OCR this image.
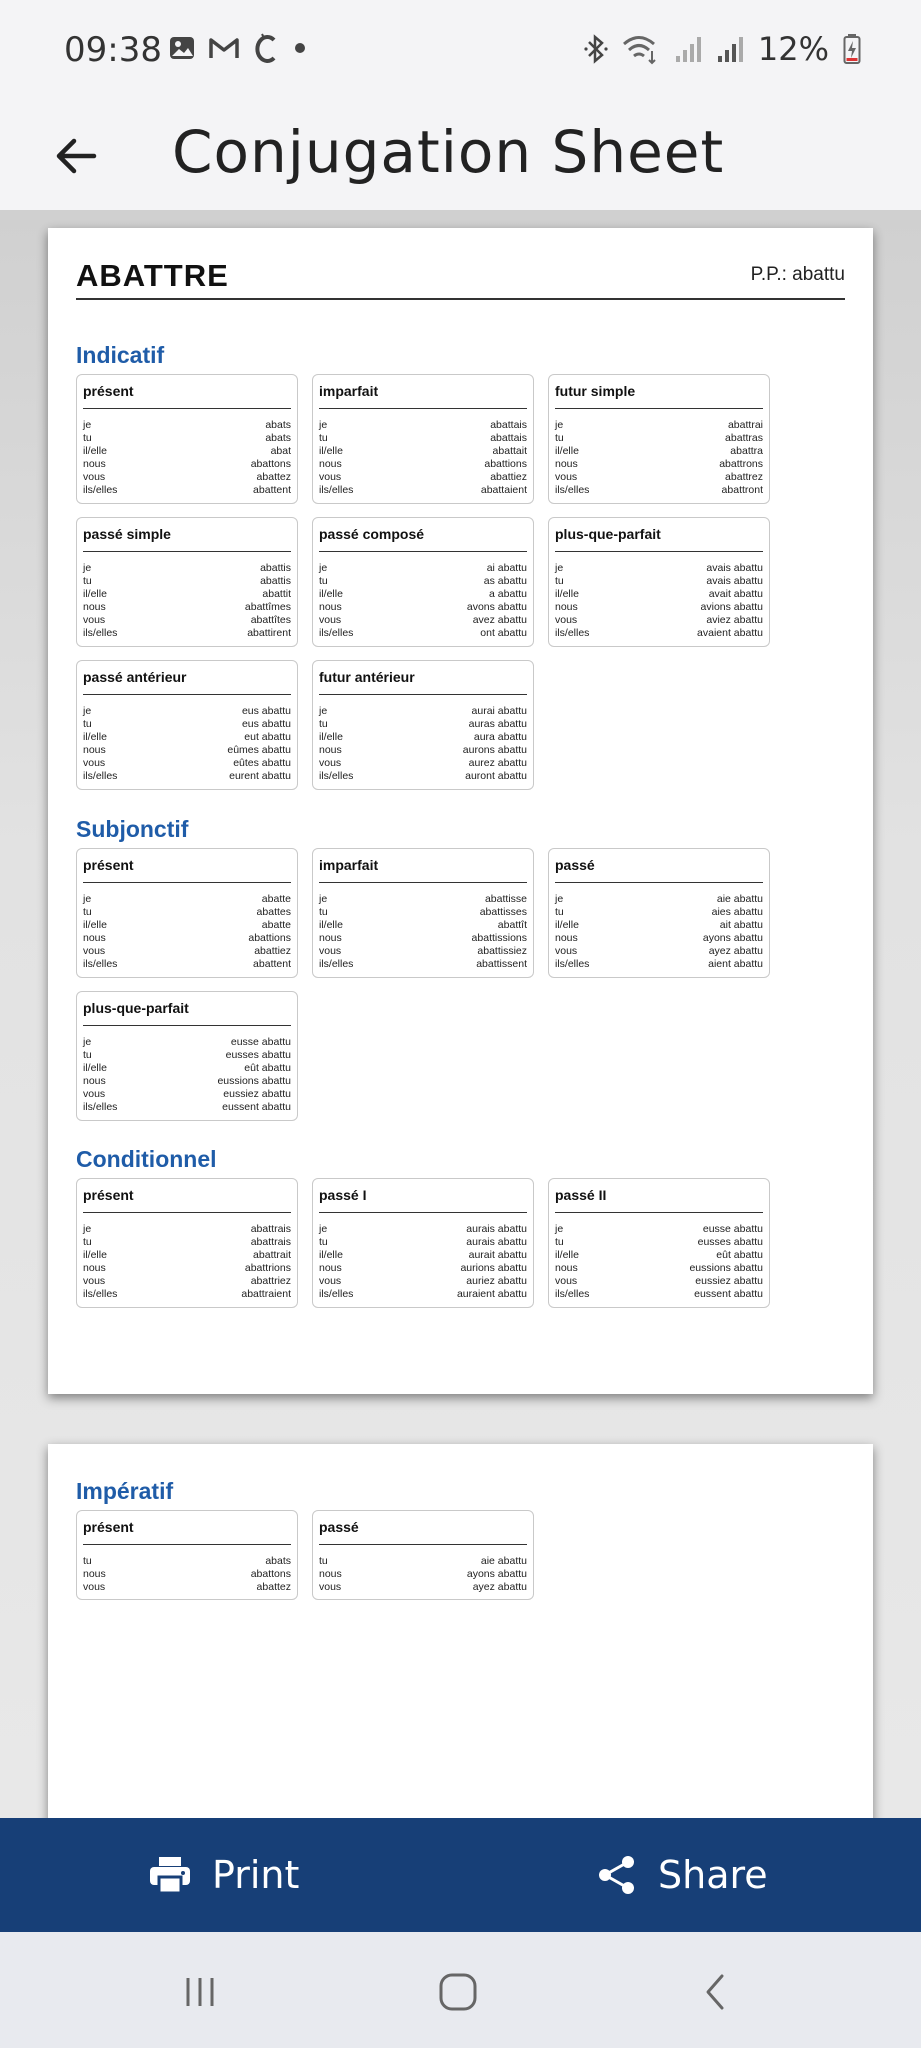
09:38	12%
Conjugation Sheet
ABATTRE	P.P.: abattu
Indicatif
présent
je	abats
tu	abats
il/elle	abat
nous	abattons
vous	abattez
ils/elles	abattent
imparfait
je	abattais
tu	abattais
il/elle	abattait
nous	abattions
vous	abattiez
ils/elles	abattaient
futur simple
je	abattrai
tu	abattras
il/elle	abattra
nous	abattrons
vous	abattrez
ils/elles	abattront
passé simple
je	abattis
tu	abattis
il/elle	abattit
nous	abattîmes
vous	abattîtes
ils/elles	abattirent
passé composé
je	ai abattu
tu	as abattu
il/elle	a abattu
nous	avons abattu
vous	avez abattu
ils/elles	ont abattu
plus-que-parfait
je	avais abattu
tu	avais abattu
il/elle	avait abattu
nous	avions abattu
vous	aviez abattu
ils/elles	avaient abattu
passé antérieur
je	eus abattu
tu	eus abattu
il/elle	eut abattu
nous	eûmes abattu
vous	eûtes abattu
ils/elles	eurent abattu
futur antérieur
je	aurai abattu
tu	auras abattu
il/elle	aura abattu
nous	aurons abattu
vous	aurez abattu
ils/elles	auront abattu
Subjonctif
présent
je	abatte
tu	abattes
il/elle	abatte
nous	abattions
vous	abattiez
ils/elles	abattent
imparfait
je	abattisse
tu	abattisses
il/elle	abattît
nous	abattissions
vous	abattissiez
ils/elles	abattissent
passé
je	aie abattu
tu	aies abattu
il/elle	ait abattu
nous	ayons abattu
vous	ayez abattu
ils/elles	aient abattu
plus-que-parfait
je	eusse abattu
tu	eusses abattu
il/elle	eût abattu
nous	eussions abattu
vous	eussiez abattu
ils/elles	eussent abattu
Conditionnel
présent
je	abattrais
tu	abattrais
il/elle	abattrait
nous	abattrions
vous	abattriez
ils/elles	abattraient
passé I
je	aurais abattu
tu	aurais abattu
il/elle	aurait abattu
nous	aurions abattu
vous	auriez abattu
ils/elles	auraient abattu
passé II
je	eusse abattu
tu	eusses abattu
il/elle	eût abattu
nous	eussions abattu
vous	eussiez abattu
ils/elles	eussent abattu
Impératif
présent
tu	abats
nous	abattons
vous	abattez
passé
tu	aie abattu
nous	ayons abattu
vous	ayez abattu
Print	Share
